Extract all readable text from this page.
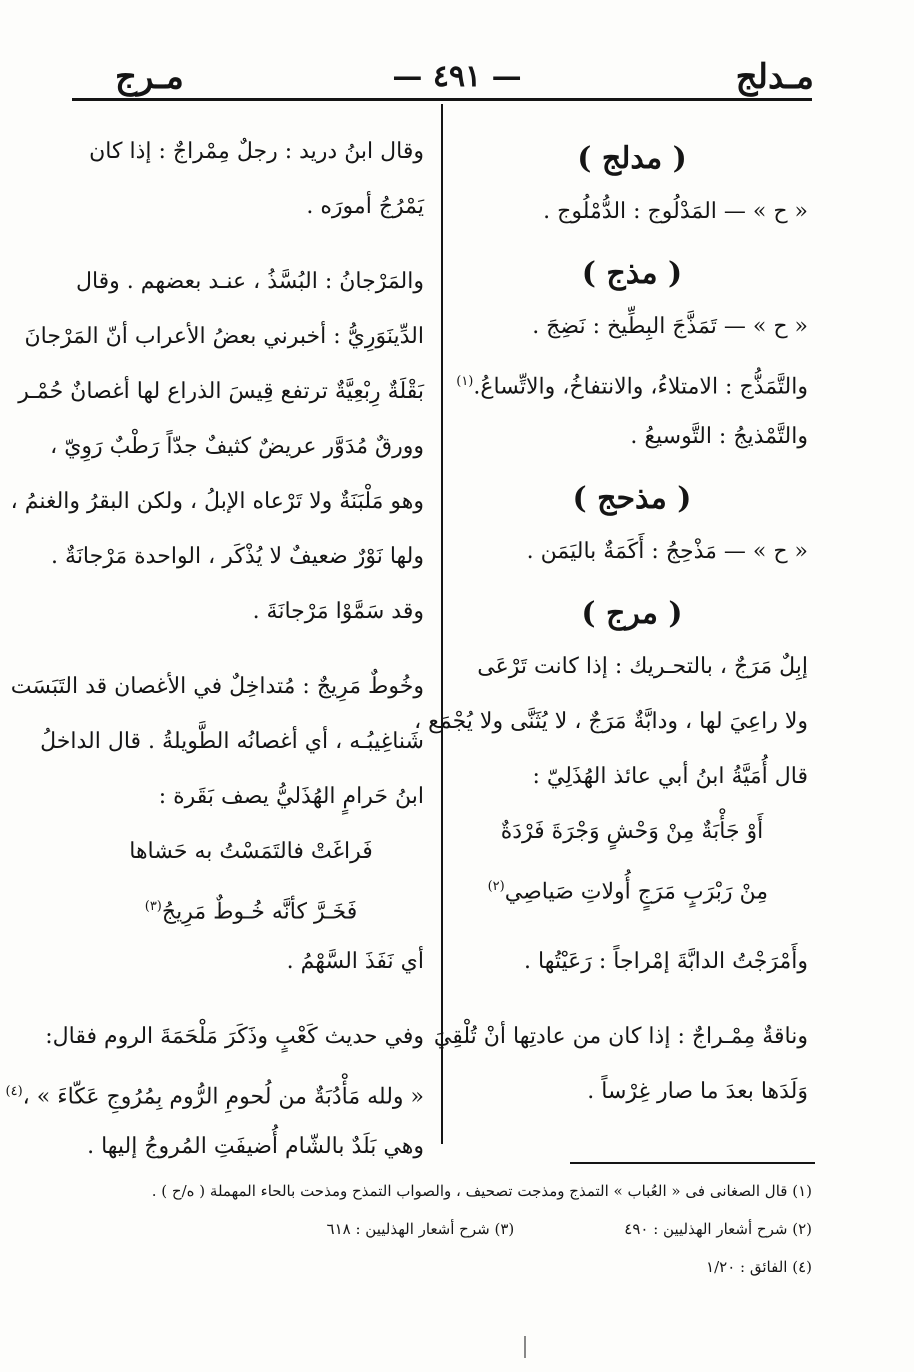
مـدلج
— ٤٩١ —
مـرج
( مدلج )
« ح » — المَدْلُوج : الدُّمْلُوج .
( مذج )
« ح » — تَمَذَّجَ البِطِّيخ : نَضِجَ .
والتَّمَذُّج : الامتلاءُ، والانتفاخُ، والاتِّساعُ.$^{(١)}$
والتَّمْذيجُ : التَّوسيعُ .
( مذحج )
« ح » — مَذْحِجُ : أَكَمَةٌ باليَمَن .
( مرج )
إبِلٌ مَرَجٌ ، بالتحـريك : إذا كانت تَرْعَى
ولا راعِيَ لها ، ودابَّةٌ مَرَجٌ ، لا يُثَنَّى ولا يُجْمَع ،
قال أُمَيَّةُ ابنُ أبي عائذ الهُذَلِيّ :
أَوْ جَأْبَةٌ مِنْ وَحْشٍ وَجْرَةَ فَرْدَةٌ
مِنْ رَبْرَبٍ مَرَجٍ أُولاتِ صَياصِي$^{(٢)}$
وأَمْرَجْتُ الدابَّةَ إمْراجاً : رَعَيْتُها .
وناقةٌ مِمْـراجٌ : إذا كان من عادتِها أنْ تُلْقِيَ
وَلَدَها بعدَ ما صار غِرْساً .
وقال ابنُ دريد : رجلٌ مِمْراجٌ : إذا كان
يَمْرُجُ أمورَه .
والمَرْجانُ : البُسَّذُ ، عنـد بعضهم . وقال
الدِّينَوَرِيُّ : أخبرني بعضُ الأعراب أنّ المَرْجانَ
بَقْلَةٌ رِبْعِيَّةٌ ترتفع قِيسَ الذراع لها أغصانٌ حُمْـر
وورقٌ مُدَوَّر عريضٌ كثيفٌ جدّاً رَطْبٌ رَوِيّ ،
وهو مَلْبَنَةٌ ولا تَرْعاه الإبلُ ، ولكن البقرُ والغنمُ ،
ولها نَوْرٌ ضعيفٌ لا يُذْكَر ، الواحدة مَرْجانَةٌ .
وقد سَمَّوْا مَرْجانَةَ .
وخُوطٌ مَرِيجٌ : مُتداخِلٌ في الأغصان قد التَبَسَت
شَناغِيبُـه ، أي أغصانُه الطَّويلةُ . قال الداخلُ
ابنُ حَرامٍ الهُذَليُّ يصف بَقَرة :
فَراغَتْ فالتَمَسْتُ به حَشاها
فَخَـرَّ كأنَّه خُـوطٌ مَرِيجُ$^{(٣)}$
أي نَفَذَ السَّهْمُ .
وفي حديث كَعْبٍ وذَكَرَ مَلْحَمَةَ الروم فقال:
« ولله مَأْدُبَةٌ من لُحومِ الرُّوم بِمُرُوجِ عَكّاءَ » ،$^{(٤)}$
وهي بَلَدٌ بالشّام أُضيفَتِ المُروجُ إليها .
(١) قال الصغانى فى « العُباب » التمذج ومذجت تصحيف ، والصواب التمذح ومذحت بالحاء المهملة ( ه/ح ) .
(٢) شرح أشعار الهذليين : ٤٩٠
(٣) شرح أشعار الهذليين : ٦١٨
(٤) الفائق : ١/٢٠
